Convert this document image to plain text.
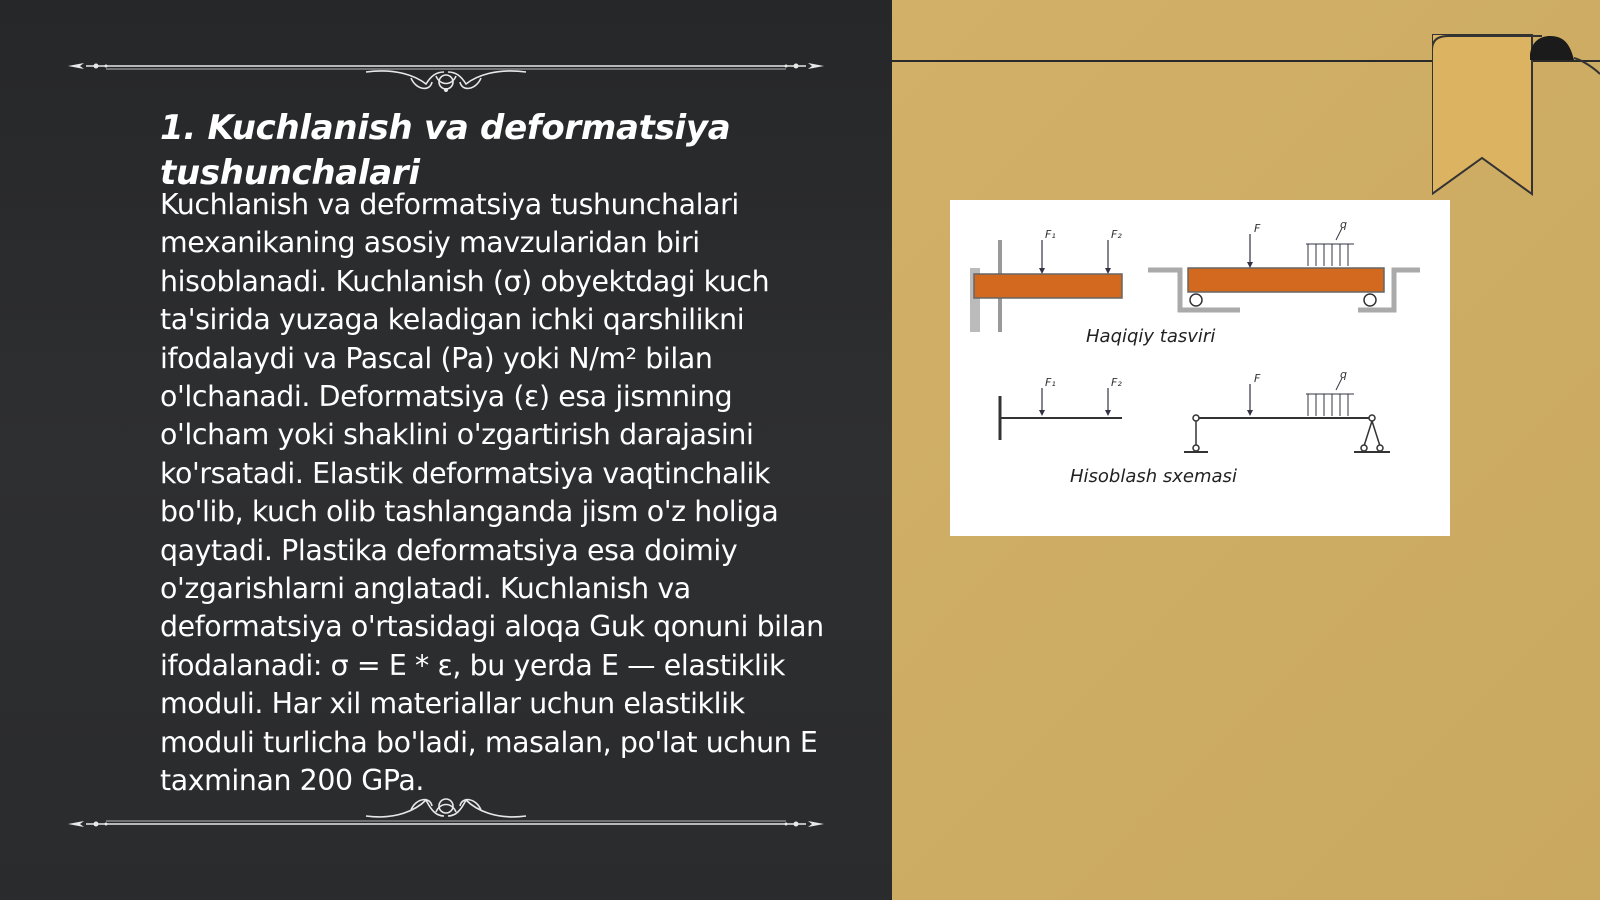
1. Kuchlanish va deformatsiya tushunchalari

Kuchlanish va deformatsiya tushunchalari mexanikaning asosiy mavzularidan biri hisoblanadi. Kuchlanish (σ) obyektdagi kuch ta'sirida yuzaga keladigan ichki qarshilikni ifodalaydi va Pascal (Pa) yoki N/m² bilan o'lchanadi. Deformatsiya (ε) esa jismning o'lcham yoki shaklini o'zgartirish darajasini ko'rsatadi. Elastik deformatsiya vaqtinchalik bo'lib, kuch olib tashlanganda jism o'z holiga qaytadi. Plastika deformatsiya esa doimiy o'zgarishlarni anglatadi. Kuchlanish va deformatsiya o'rtasidagi aloqa Guk qonuni bilan ifodalanadi: σ = E * ε, bu yerda E — elastiklik moduli. Har xil materiallar uchun elastiklik moduli turlicha bo'ladi, masalan, po'lat uchun E taxminan 200 GPa.

F₁	F₂	F	q
Haqiqiy tasviri
F₁	F₂	F	q
Hisoblash sxemasi
